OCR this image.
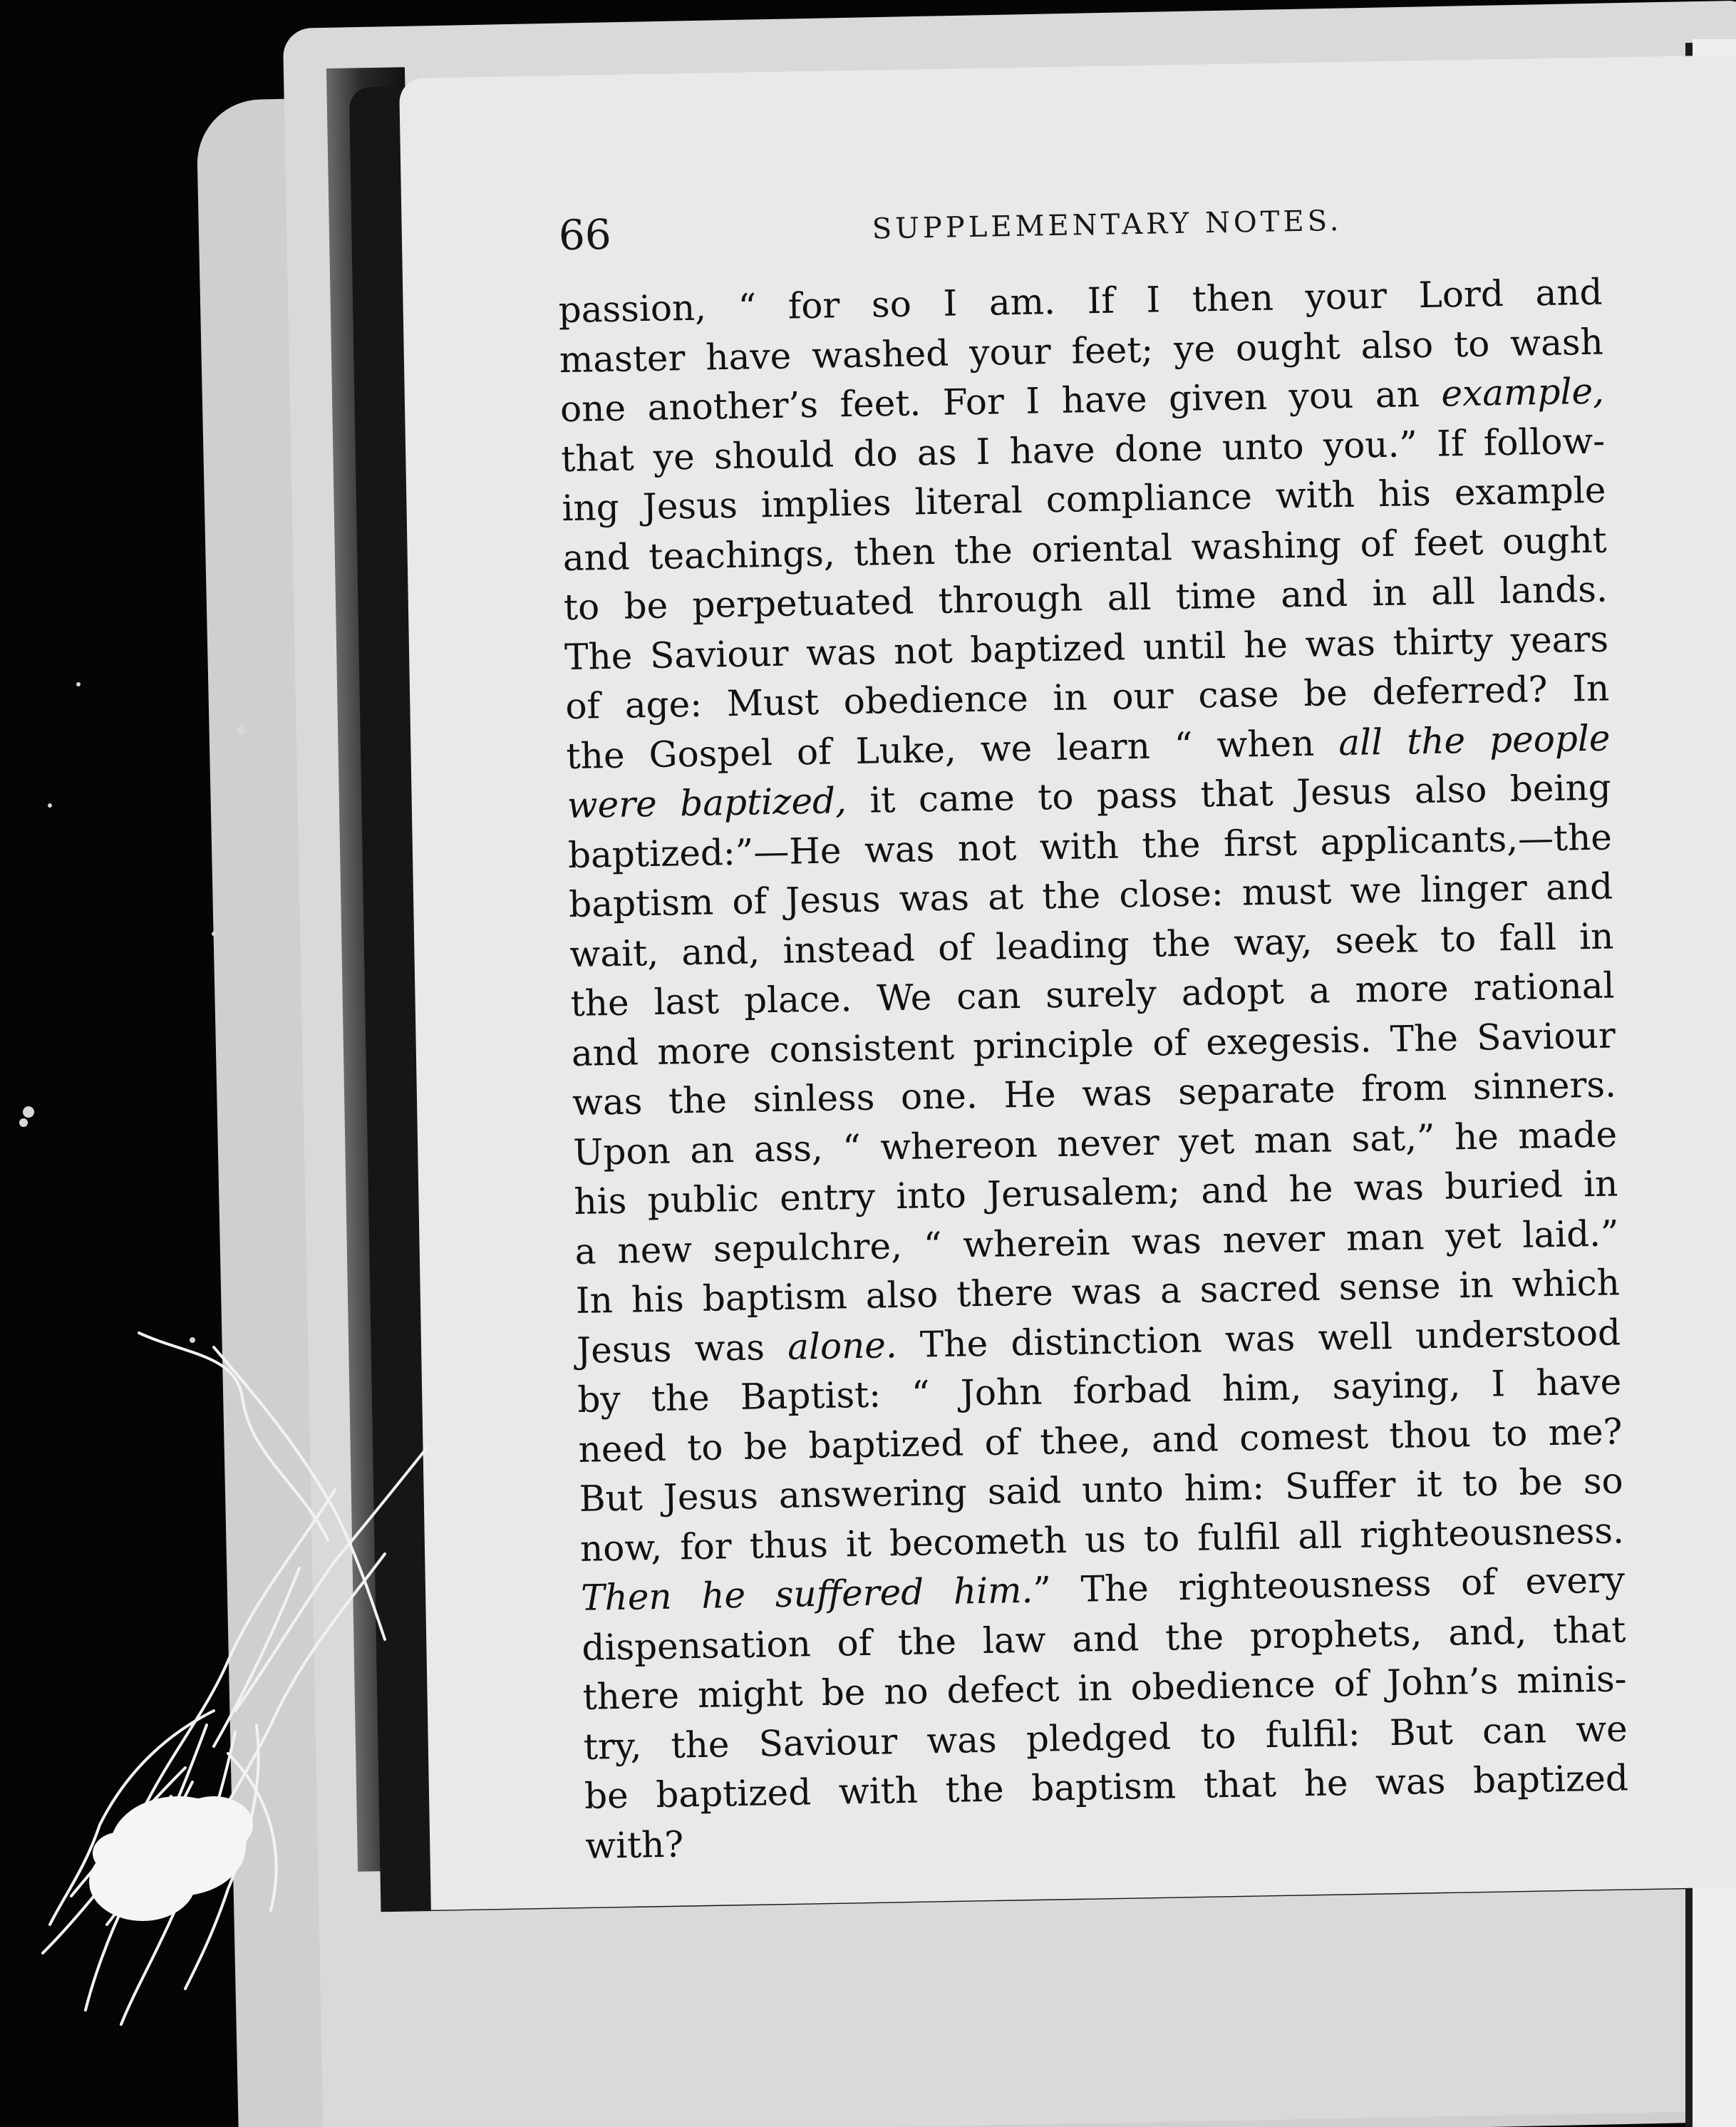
66	SUPPLEMENTARY NOTES.
passion, “ for so I am. If I then your Lord and
master have washed your feet; ye ought also to wash
one another’s feet. For I have given you an example,
that ye should do as I have done unto you.” If follow-
ing Jesus implies literal compliance with his example
and teachings, then the oriental washing of feet ought
to be perpetuated through all time and in all lands.
The Saviour was not baptized until he was thirty years
of age: Must obedience in our case be deferred? In
the Gospel of Luke, we learn “ when all the people
were baptized, it came to pass that Jesus also being
baptized:”—He was not with the first applicants,—the
baptism of Jesus was at the close: must we linger and
wait, and, instead of leading the way, seek to fall in
the last place. We can surely adopt a more rational
and more consistent principle of exegesis. The Saviour
was the sinless one. He was separate from sinners.
Upon an ass, “ whereon never yet man sat,” he made
his public entry into Jerusalem; and he was buried in
a new sepulchre, “ wherein was never man yet laid.”
In his baptism also there was a sacred sense in which
Jesus was alone. The distinction was well understood
by the Baptist: “ John forbad him, saying, I have
need to be baptized of thee, and comest thou to me?
But Jesus answering said unto him: Suffer it to be so
now, for thus it becometh us to fulfil all righteousness.
Then he suffered him.” The righteousness of every
dispensation of the law and the prophets, and, that
there might be no defect in obedience of John’s minis-
try, the Saviour was pledged to fulfil: But can we
be baptized with the baptism that he was baptized
with?
